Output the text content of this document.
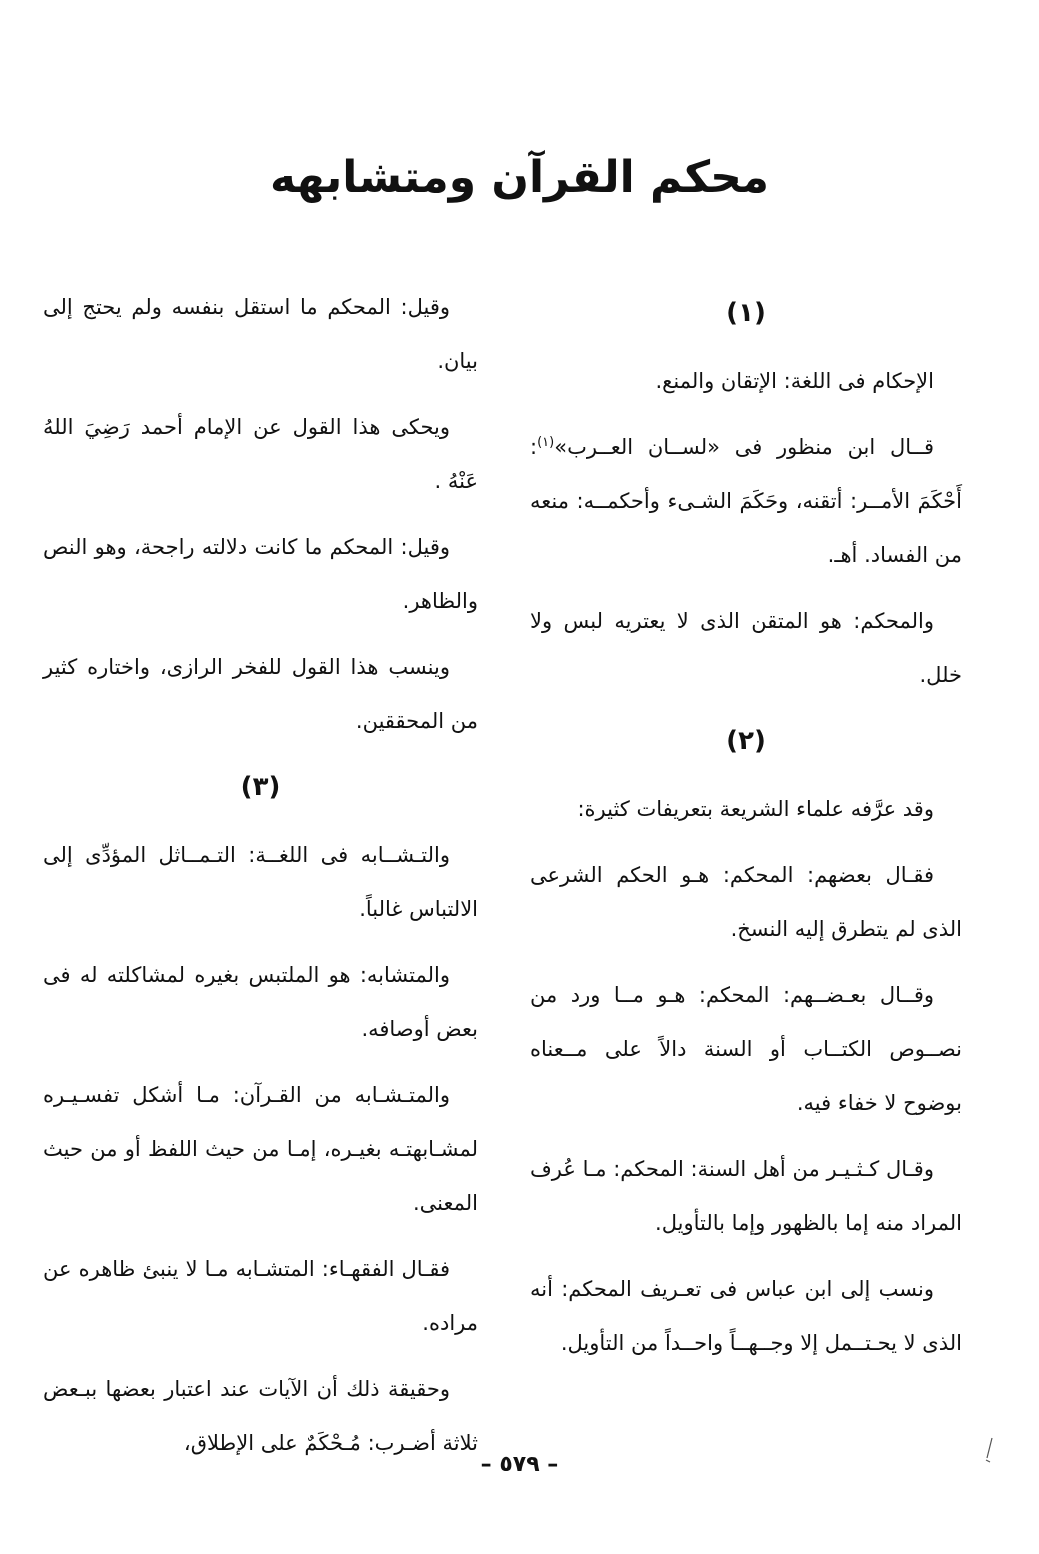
محكم القرآن ومتشابهه
(١)

الإحكام فى اللغة: الإتقان والمنع.

قــال ابن منظور فى «لســان العــرب»$^{(١)}$: أَحْكَمَ الأمــر: أتقنه، وحَكَمَ الشـىء وأحكمــه: منعه من الفساد. أهـ.

والمحكم: هو المتقن الذى لا يعتريه لبس ولا خلل.

(٢)

وقد عرَّفه علماء الشريعة بتعريفات كثيرة:

فقـال بعضهم: المحكم: هـو الحكم الشرعى الذى لم يتطرق إليه النسخ.

وقــال بعـضــهم: المحكم: هـو مــا ورد من نصــوص الكتــاب أو السنة دالاً على مــعناه بوضوح لا خفاء فيه.

وقـال كـثـيـر من أهل السنة: المحكم: مـا عُرف المراد منه إما بالظهور وإما بالتأويل.

ونسب إلى ابن عباس فى تعـريف المحكم: أنه الذى لا يحـتــمل إلا وجــهــاً واحــداً من التأويل.

وقيل: المحكم ما استقل بنفسه ولم يحتج إلى بيان.

ويحكى هذا القول عن الإمام أحمد رَضِيَ اللهُ عَنْهُ .

وقيل: المحكم ما كانت دلالته راجحة، وهو النص والظاهر.

وينسب هذا القول للفخر الرازى، واختاره كثير من المحققين.

(٣)

والتـشــابه فى اللغــة: التـمــاثل المؤدِّى إلى الالتباس غالباً.

والمتشابه: هو الملتبس بغيره لمشاكلته له فى بعض أوصافه.

والمتـشـابه من القـرآن: مـا أشكل تفسـيـره لمشـابهتـه بغيـره، إمـا من حيث اللفظ أو من حيث المعنى.

فقـال الفقهـاء: المتشـابه مـا لا ينبئ ظاهره عن مراده.

وحقيقة ذلك أن الآيات عند اعتبار بعضها ببـعض ثلاثة أضـرب: مُـحْكَمٌ على الإطلاق،

– ٥٧٩ –
